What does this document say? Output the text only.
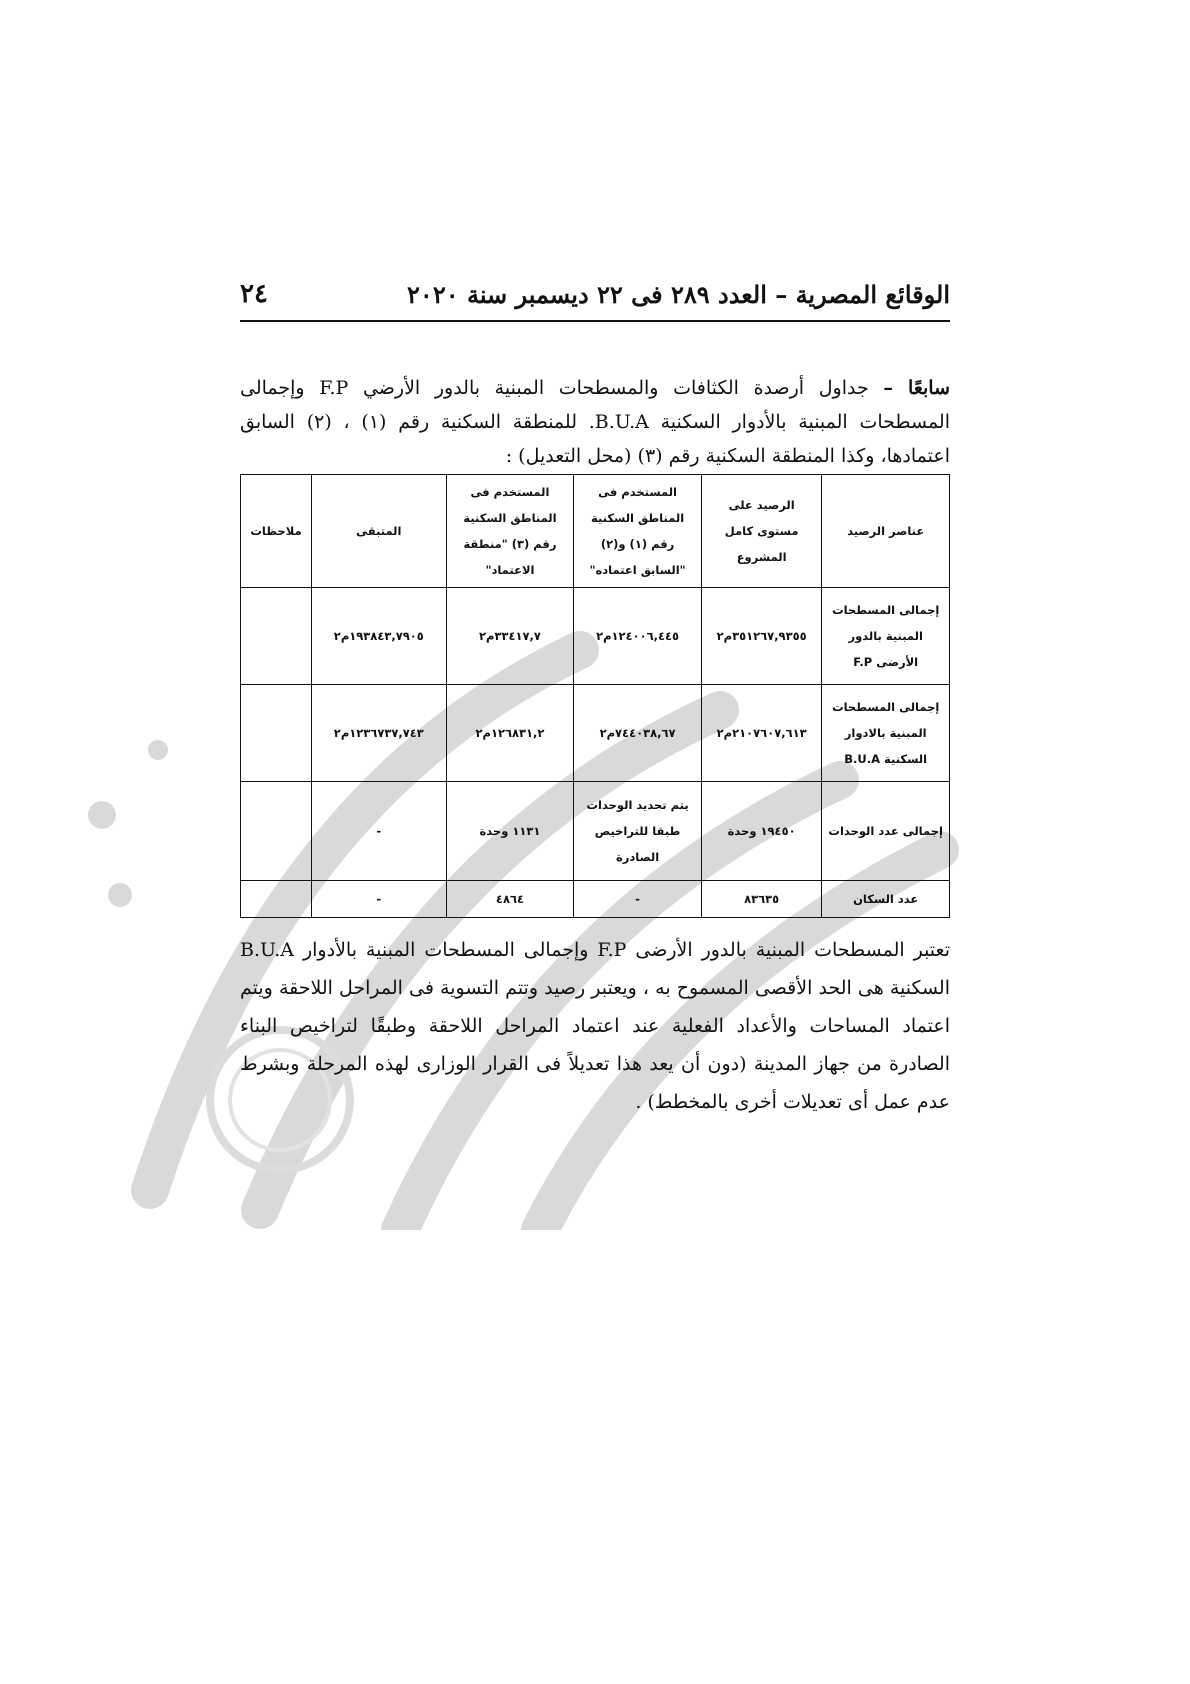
٢٤	الوقائع المصرية – العدد ٢٨٩ فى ٢٢ ديسمبر سنة ٢٠٢٠

سابعًا – جداول أرصدة الكثافات والمسطحات المبنية بالدور الأرضي F.P وإجمالى المسطحات المبنية بالأدوار السكنية B.U.A. للمنطقة السكنية رقم (١) ، (٢) السابق اعتمادها، وكذا المنطقة السكنية رقم (٣) (محل التعديل) :

عناصر الرصيد	الرصيد على مستوى كامل المشروع	المستخدم فى المناطق السكنية رقم (١) و(٢) "السابق اعتماده"	المستخدم فى المناطق السكنية رقم (٣) "منطقة الاعتماد"	المتبقى	ملاحظات
إجمالى المسطحات المبنية بالدور الأرضى F.P	٣٥١٢٦٧,٩٣٥٥م٢	١٢٤٠٠٦,٤٤٥م٢	٣٣٤١٧,٧م٢	١٩٣٨٤٣,٧٩٠٥م٢	
إجمالى المسطحات المبنية بالادوار السكنية B.U.A	٢١٠٧٦٠٧,٦١٣م٢	٧٤٤٠٣٨,٦٧م٢	١٢٦٨٣١,٢م٢	١٢٣٦٧٣٧,٧٤٣م٢	
إجمالى عدد الوحدات	١٩٤٥٠ وحدة	يتم تحديد الوحدات طبقا للتراخيص الصادرة	١١٣١ وحدة	-	
عدد السكان	٨٣٦٣٥	-	٤٨٦٤	-	

تعتبر المسطحات المبنية بالدور الأرضى F.P وإجمالى المسطحات المبنية بالأدوار B.U.A السكنية هى الحد الأقصى المسموح به ، ويعتبر رصيد وتتم التسوية فى المراحل اللاحقة ويتم اعتماد المساحات والأعداد الفعلية عند اعتماد المراحل اللاحقة وطبقًا لتراخيص البناء الصادرة من جهاز المدينة (دون أن يعد هذا تعديلاً فى القرار الوزارى لهذه المرحلة وبشرط عدم عمل أى تعديلات أخرى بالمخطط) .
